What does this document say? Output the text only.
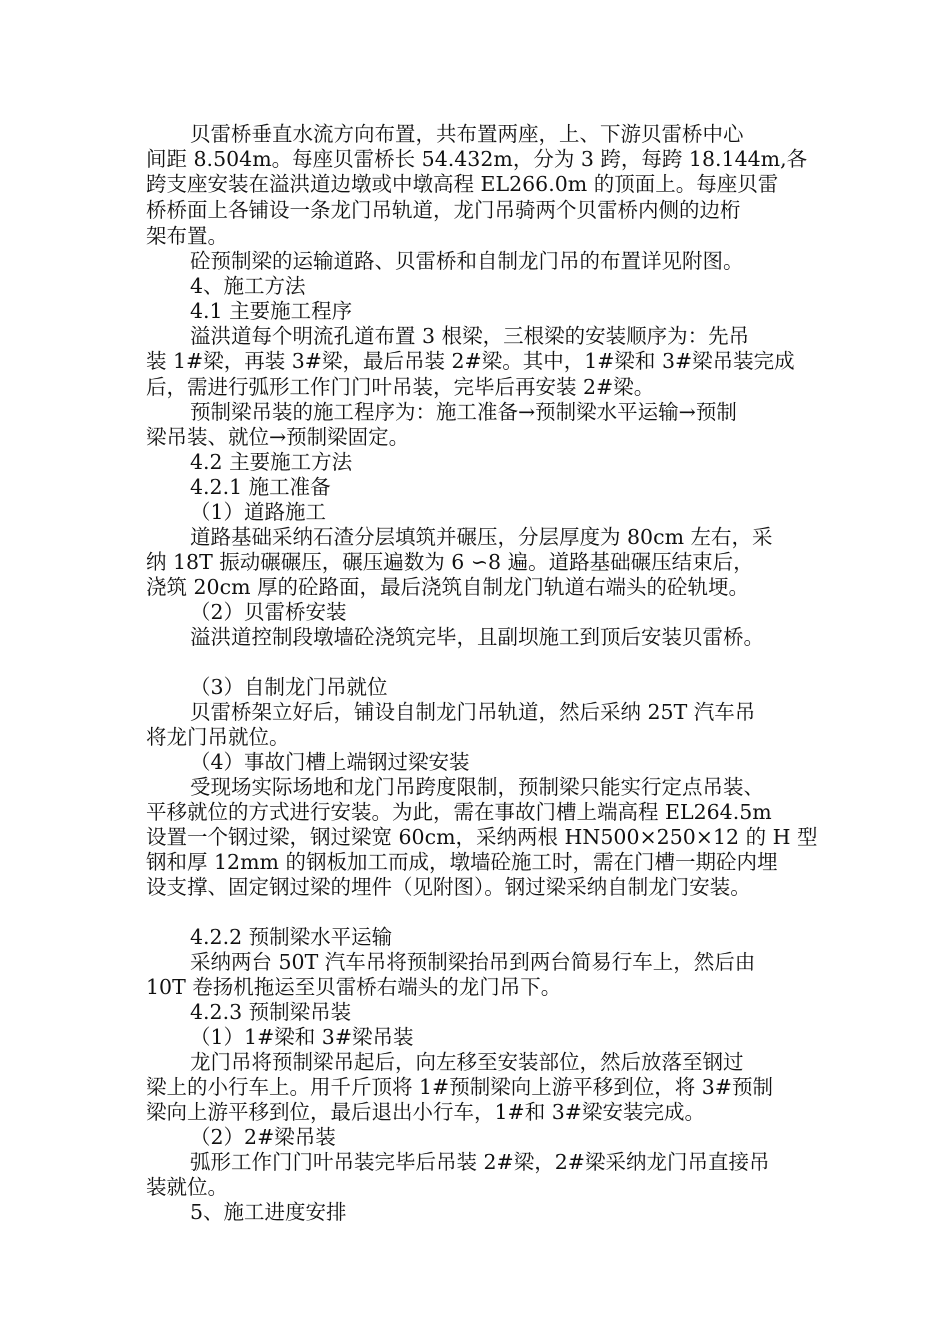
贝雷桥垂直水流方向布置，共布置两座，上、下游贝雷桥中心
间距 8.504m。每座贝雷桥长 54.432m，分为 3 跨，每跨 18.144m,各
跨支座安装在溢洪道边墩或中墩高程 EL266.0m 的顶面上。每座贝雷
桥桥面上各铺设一条龙门吊轨道，龙门吊骑两个贝雷桥内侧的边桁
架布置。
砼预制梁的运输道路、贝雷桥和自制龙门吊的布置详见附图。
4、施工方法
4.1 主要施工程序
溢洪道每个明流孔道布置 3 根梁，三根梁的安装顺序为：先吊
装 1#梁，再装 3#梁，最后吊装 2#梁。其中，1#梁和 3#梁吊装完成
后，需进行弧形工作门门叶吊装，完毕后再安装 2#梁。
预制梁吊装的施工程序为：施工准备→预制梁水平运输→预制
梁吊装、就位→预制梁固定。
4.2 主要施工方法
4.2.1 施工准备
（1）道路施工
道路基础采纳石渣分层填筑并碾压，分层厚度为 80cm 左右，采
纳 18T 振动碾碾压，碾压遍数为 6 ∽8 遍。道路基础碾压结束后，
浇筑 20cm 厚的砼路面，最后浇筑自制龙门轨道右端头的砼轨埂。
（2）贝雷桥安装
溢洪道控制段墩墙砼浇筑完毕，且副坝施工到顶后安装贝雷桥。
（3）自制龙门吊就位
贝雷桥架立好后，铺设自制龙门吊轨道，然后采纳 25T 汽车吊
将龙门吊就位。
（4）事故门槽上端钢过梁安装
受现场实际场地和龙门吊跨度限制，预制梁只能实行定点吊装、
平移就位的方式进行安装。为此，需在事故门槽上端高程 EL264.5m
设置一个钢过梁，钢过梁宽 60cm，采纳两根 HN500×250×12 的 H 型
钢和厚 12mm 的钢板加工而成，墩墙砼施工时，需在门槽一期砼内埋
设支撑、固定钢过梁的埋件（见附图）。钢过梁采纳自制龙门安装。
4.2.2 预制梁水平运输
采纳两台 50T 汽车吊将预制梁抬吊到两台简易行车上，然后由
10T 卷扬机拖运至贝雷桥右端头的龙门吊下。
4.2.3 预制梁吊装
（1）1#梁和 3#梁吊装
龙门吊将预制梁吊起后，向左移至安装部位，然后放落至钢过
梁上的小行车上。用千斤顶将 1#预制梁向上游平移到位，将 3#预制
梁向上游平移到位，最后退出小行车，1#和 3#梁安装完成。
（2）2#梁吊装
弧形工作门门叶吊装完毕后吊装 2#梁，2#梁采纳龙门吊直接吊
装就位。
5、施工进度安排
